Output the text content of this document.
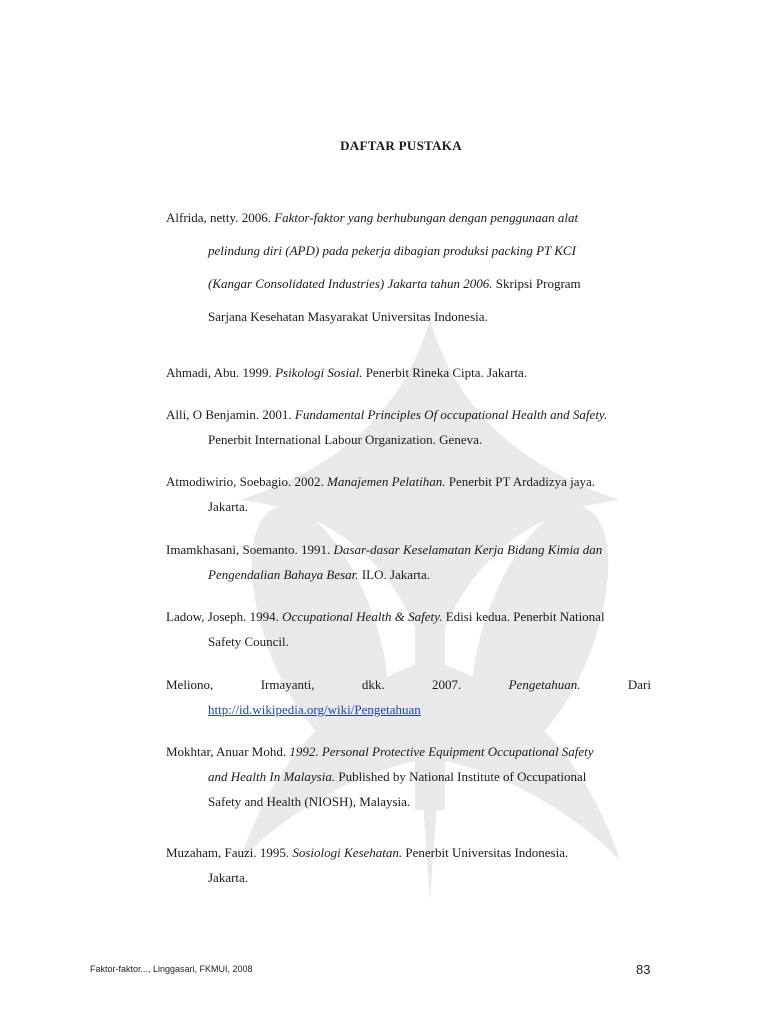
DAFTAR PUSTAKA
Alfrida, netty. 2006. Faktor-faktor yang berhubungan dengan penggunaan alat
pelindung diri (APD) pada pekerja dibagian produksi packing PT KCI
(Kangar Consolidated Industries) Jakarta tahun 2006. Skripsi Program
Sarjana Kesehatan Masyarakat Universitas Indonesia.
Ahmadi, Abu. 1999. Psikologi Sosial. Penerbit Rineka Cipta. Jakarta.
Alli, O Benjamin. 2001. Fundamental Principles Of occupational Health and Safety.
Penerbit International Labour Organization. Geneva.
Atmodiwirio, Soebagio. 2002. Manajemen Pelatihan. Penerbit PT Ardadizya jaya.
Jakarta.
Imamkhasani, Soemanto. 1991. Dasar-dasar Keselamatan Kerja Bidang Kimia dan
Pengendalian Bahaya Besar. ILO. Jakarta.
Ladow, Joseph. 1994. Occupational Health & Safety. Edisi kedua. Penerbit National
Safety Council.
Meliono,	Irmayanti,	dkk.	2007.	Pengetahuan.	Dari
http://id.wikipedia.org/wiki/Pengetahuan
Mokhtar, Anuar Mohd. 1992. Personal Protective Equipment Occupational Safety
and Health In Malaysia. Published by National Institute of Occupational
Safety and Health (NIOSH), Malaysia.
Muzaham, Fauzi. 1995. Sosiologi Kesehatan. Penerbit Universitas Indonesia.
Jakarta.
Faktor-faktor..., Linggasari, FKMUI, 2008	83
